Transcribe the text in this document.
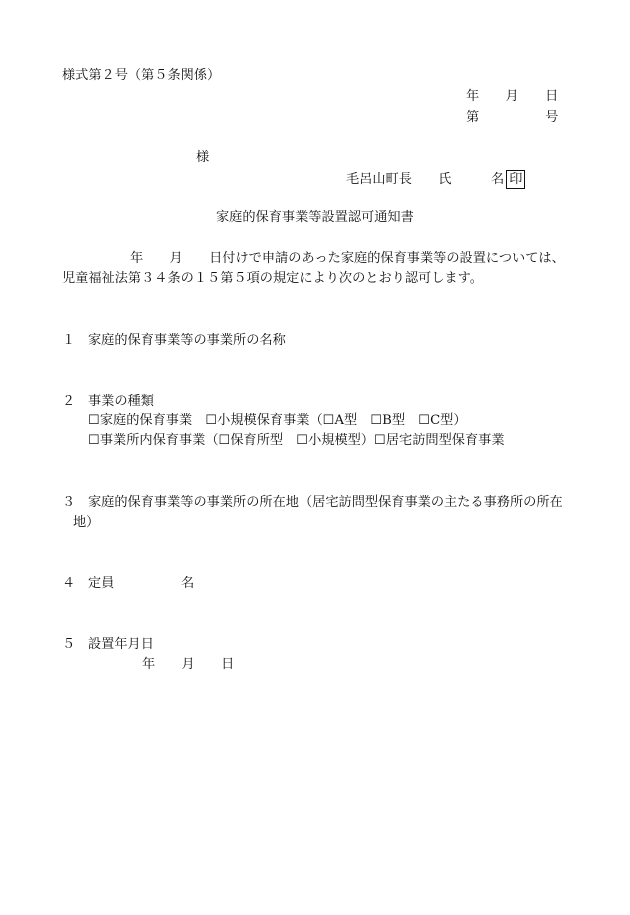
様式第２号（第５条関係）
年　　月　　日
第　　　　　号
様
毛呂山町長　　氏　　　名 印
家庭的保育事業等設置認可通知書
年　　月　　日付けで申請のあった家庭的保育事業等の設置については、
児童福祉法第３４条の１５第５項の規定により次のとおり認可します。
１ 家庭的保育事業等の事業所の名称
２ 事業の種類
☐家庭的保育事業　☐小規模保育事業（☐A型　☐B型　☐C型）
☐事業所内保育事業（☐保育所型　☐小規模型）☐居宅訪問型保育事業
３ 家庭的保育事業等の事業所の所在地（居宅訪問型保育事業の主たる事務所の所在
地）
４ 定員	名
５ 設置年月日
年　　月　　日
